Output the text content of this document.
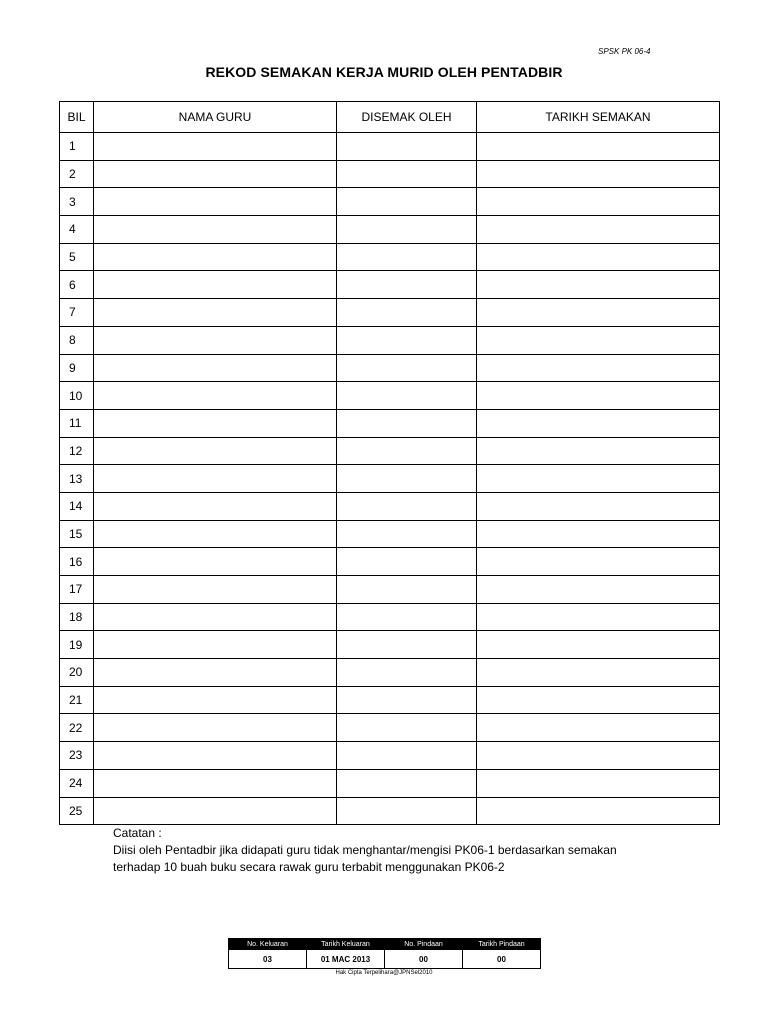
SPSK PK 06-4
REKOD SEMAKAN KERJA MURID OLEH PENTADBIR
BIL	NAMA GURU	DISEMAK OLEH	TARIKH SEMAKAN
1			
2			
3			
4			
5			
6			
7			
8			
9			
10			
11			
12			
13			
14			
15			
16			
17			
18			
19			
20			
21			
22			
23			
24			
25			
Catatan :
Diisi oleh Pentadbir jika didapati guru tidak menghantar/mengisi PK06-1 berdasarkan semakan
terhadap 10 buah buku secara rawak guru terbabit menggunakan PK06-2
No. Keluaran	Tarikh Keluaran	No. Pindaan	Tarikh Pindaan
03	01 MAC 2013	00	00
Hak Cipta Terpelihara@JPNSel2010
